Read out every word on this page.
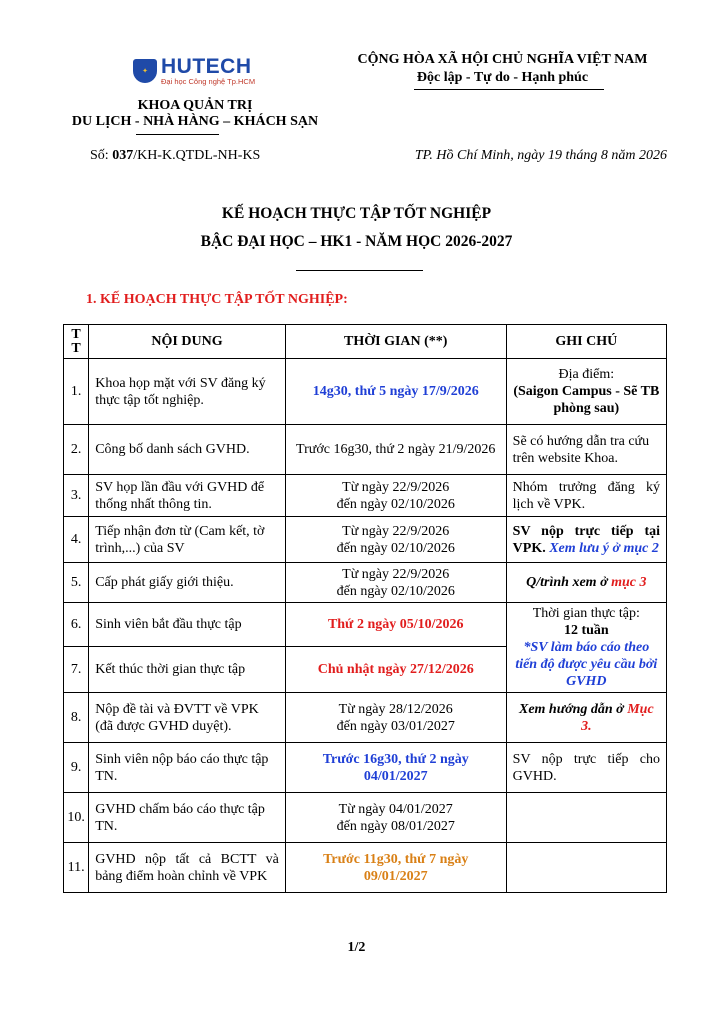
✦ HUTECH
Đại học Công nghệ Tp.HCM
KHOA QUẢN TRỊ
DU LỊCH - NHÀ HÀNG – KHÁCH SẠN
CỘNG HÒA XÃ HỘI CHỦ NGHĨA VIỆT NAM
Độc lập - Tự do - Hạnh phúc
Số: 037/KH-K.QTDL-NH-KS	TP. Hồ Chí Minh, ngày 19 tháng 8 năm 2026
KẾ HOẠCH THỰC TẬP TỐT NGHIỆP
BẬC ĐẠI HỌC – HK1 - NĂM HỌC 2026-2027
1. KẾ HOẠCH THỰC TẬP TỐT NGHIỆP:
T
T	NỘI DUNG	THỜI GIAN (**)	GHI CHÚ
1.	Khoa họp mặt với SV đăng ký thực tập tốt nghiệp.	14g30, thứ 5 ngày 17/9/2026	Địa điểm:
(Saigon Campus - Sẽ TB phòng sau)
2.	Công bố danh sách GVHD.	Trước 16g30, thứ 2 ngày 21/9/2026	Sẽ có hướng dẫn tra cứu trên website Khoa.
3.	SV họp lần đầu với GVHD để thống nhất thông tin.	Từ ngày 22/9/2026
đến ngày 02/10/2026	Nhóm trưởng đăng ký lịch về VPK.
4.	Tiếp nhận đơn từ (Cam kết, tờ trình,...) của SV	Từ ngày 22/9/2026
đến ngày 02/10/2026	SV nộp trực tiếp tại VPK. Xem lưu ý ở mục 2
5.	Cấp phát giấy giới thiệu.	Từ ngày 22/9/2026
đến ngày 02/10/2026	Q/trình xem ở mục 3
6.	Sinh viên bắt đầu thực tập	Thứ 2 ngày 05/10/2026	Thời gian thực tập:
12 tuần
*SV làm báo cáo theo tiến độ được yêu cầu bởi GVHD
7.	Kết thúc thời gian thực tập	Chủ nhật ngày 27/12/2026	
8.	Nộp đề tài và ĐVTT về VPK (đã được GVHD duyệt).	Từ ngày 28/12/2026
đến ngày 03/01/2027	Xem hướng dẫn ở Mục 3.
9.	Sinh viên nộp báo cáo thực tập TN.	Trước 16g30, thứ 2 ngày 04/01/2027	SV nộp trực tiếp cho GVHD.
10.	GVHD chấm báo cáo thực tập TN.	Từ ngày 04/01/2027
đến ngày 08/01/2027	
11.	GVHD nộp tất cả BCTT và bảng điểm hoàn chỉnh về VPK	Trước 11g30, thứ 7 ngày 09/01/2027	
1/2
